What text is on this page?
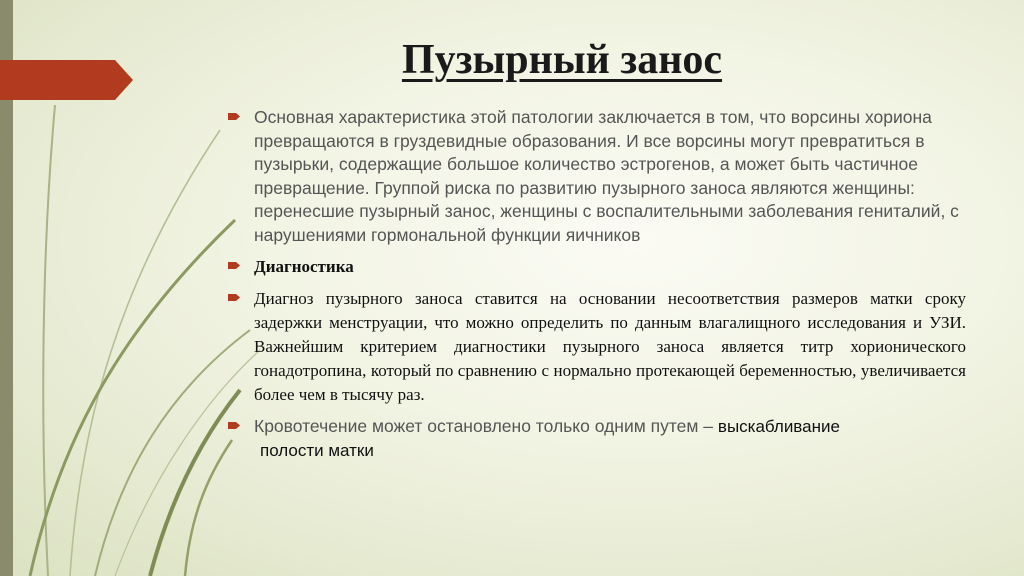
Пузырный занос
Основная характеристика этой патологии заключается в том, что ворсины хориона превращаются в груздевидные образования. И все ворсины могут превратиться в пузырьки, содержащие большое количество эстрогенов, а может быть частичное превращение. Группой риска по развитию пузырного заноса являются женщины: перенесшие пузырный занос, женщины с воспалительными заболевания гениталий, с нарушениями гормональной функции яичников
Диагностика
Диагноз пузырного заноса ставится на основании несоответствия размеров матки сроку задержки менструации, что можно определить по данным влагалищного исследования и УЗИ. Важнейшим критерием диагностики пузырного заноса является титр хорионического гонадотропина, который по сравнению с нормально протекающей беременностью, увеличивается более чем в тысячу раз.
Кровотечение может остановлено только одним путем – выскабливание
полости матки
